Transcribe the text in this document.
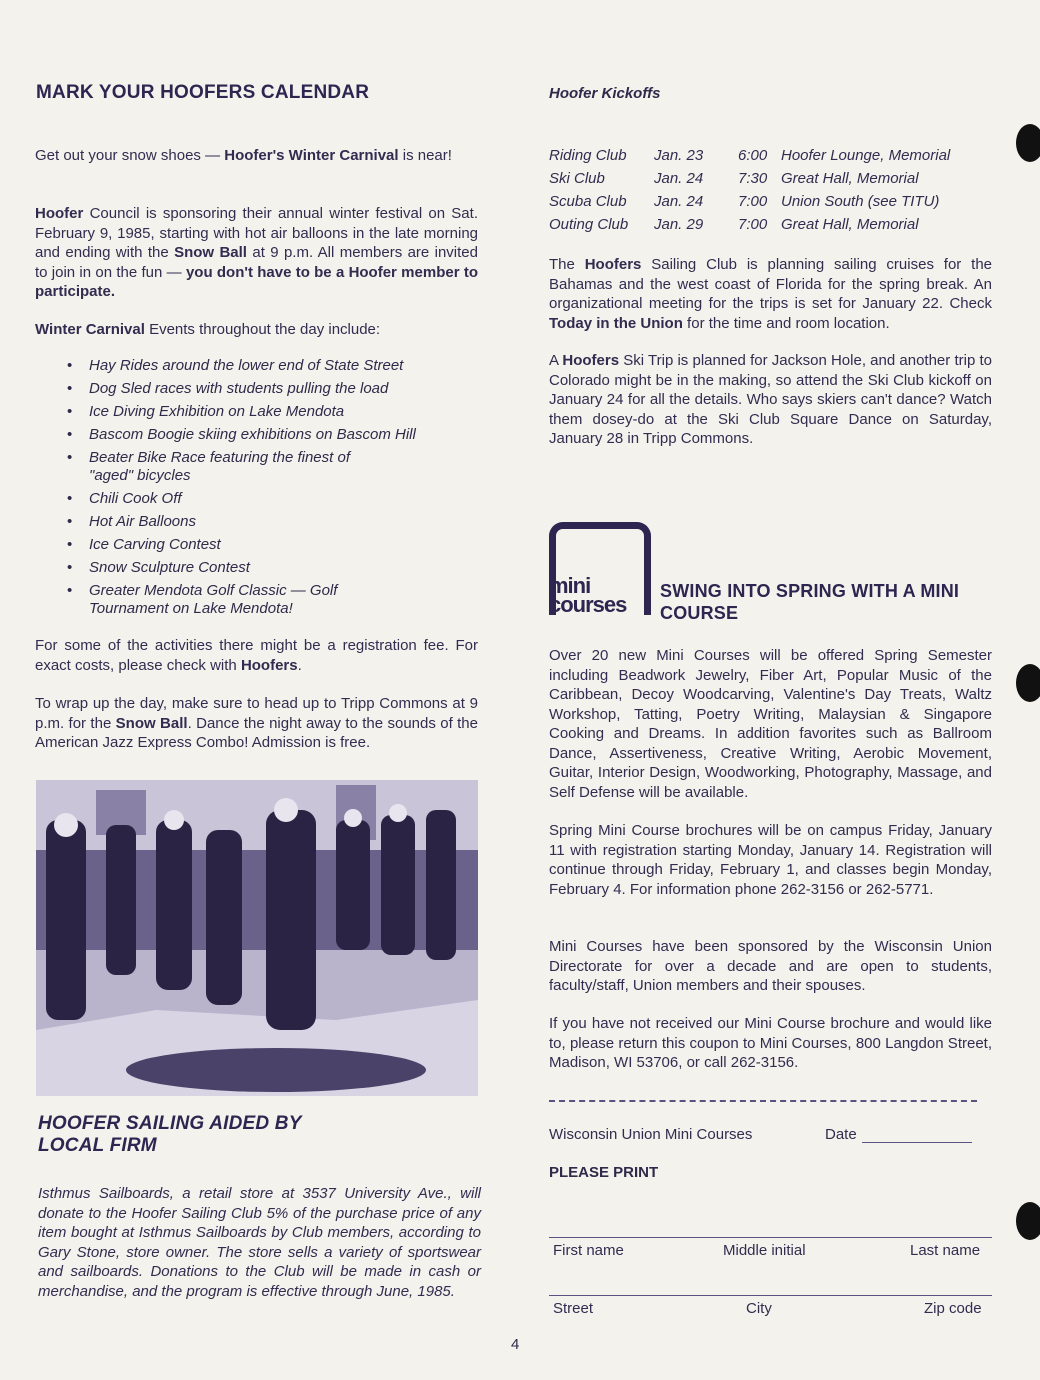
MARK YOUR HOOFERS CALENDAR
Get out your snow shoes — Hoofer's Winter Carnival is near!
Hoofer Council is sponsoring their annual winter festival on Sat. February 9, 1985, starting with hot air balloons in the late morning and ending with the Snow Ball at 9 p.m. All members are invited to join in on the fun — you don't have to be a Hoofer member to participate.
Winter Carnival Events throughout the day include:
• Hay Rides around the lower end of State Street
• Dog Sled races with students pulling the load
• Ice Diving Exhibition on Lake Mendota
• Bascom Boogie skiing exhibitions on Bascom Hill
• Beater Bike Race featuring the finest of "aged" bicycles
• Chili Cook Off
• Hot Air Balloons
• Ice Carving Contest
• Snow Sculpture Contest
• Greater Mendota Golf Classic — Golf Tournament on Lake Mendota!
For some of the activities there might be a registration fee. For exact costs, please check with Hoofers.
To wrap up the day, make sure to head up to Tripp Commons at 9 p.m. for the Snow Ball. Dance the night away to the sounds of the American Jazz Express Combo! Admission is free.
HOOFER SAILING AIDED BY LOCAL FIRM
Isthmus Sailboards, a retail store at 3537 University Ave., will donate to the Hoofer Sailing Club 5% of the purchase price of any item bought at Isthmus Sailboards by Club members, according to Gary Stone, store owner. The store sells a variety of sportswear and sailboards. Donations to the Club will be made in cash or merchandise, and the program is effective through June, 1985.
Hoofer Kickoffs
Riding Club	Jan. 23	6:00	Hoofer Lounge, Memorial
Ski Club	Jan. 24	7:30	Great Hall, Memorial
Scuba Club	Jan. 24	7:00	Union South (see TITU)
Outing Club	Jan. 29	7:00	Great Hall, Memorial
The Hoofers Sailing Club is planning sailing cruises for the Bahamas and the west coast of Florida for the spring break. An organizational meeting for the trips is set for January 22. Check Today in the Union for the time and room location.
A Hoofers Ski Trip is planned for Jackson Hole, and another trip to Colorado might be in the making, so attend the Ski Club kickoff on January 24 for all the details. Who says skiers can't dance? Watch them dosey-do at the Ski Club Square Dance on Saturday, January 28 in Tripp Commons.
mini
courses
SWING INTO SPRING WITH A MINI COURSE
Over 20 new Mini Courses will be offered Spring Semester including Beadwork Jewelry, Fiber Art, Popular Music of the Caribbean, Decoy Woodcarving, Valentine's Day Treats, Waltz Workshop, Tatting, Poetry Writing, Malaysian & Singapore Cooking and Dreams. In addition favorites such as Ballroom Dance, Assertiveness, Creative Writing, Aerobic Movement, Guitar, Interior Design, Woodworking, Photography, Massage, and Self Defense will be available.
Spring Mini Course brochures will be on campus Friday, January 11 with registration starting Monday, January 14. Registration will continue through Friday, February 1, and classes begin Monday, February 4. For information phone 262-3156 or 262-5771.
Mini Courses have been sponsored by the Wisconsin Union Directorate for over a decade and are open to students, faculty/staff, Union members and their spouses.
If you have not received our Mini Course brochure and would like to, please return this coupon to Mini Courses, 800 Langdon Street, Madison, WI 53706, or call 262-3156.
Wisconsin Union Mini Courses	Date
PLEASE PRINT
First name	Middle initial	Last name
Street	City	Zip code
4
